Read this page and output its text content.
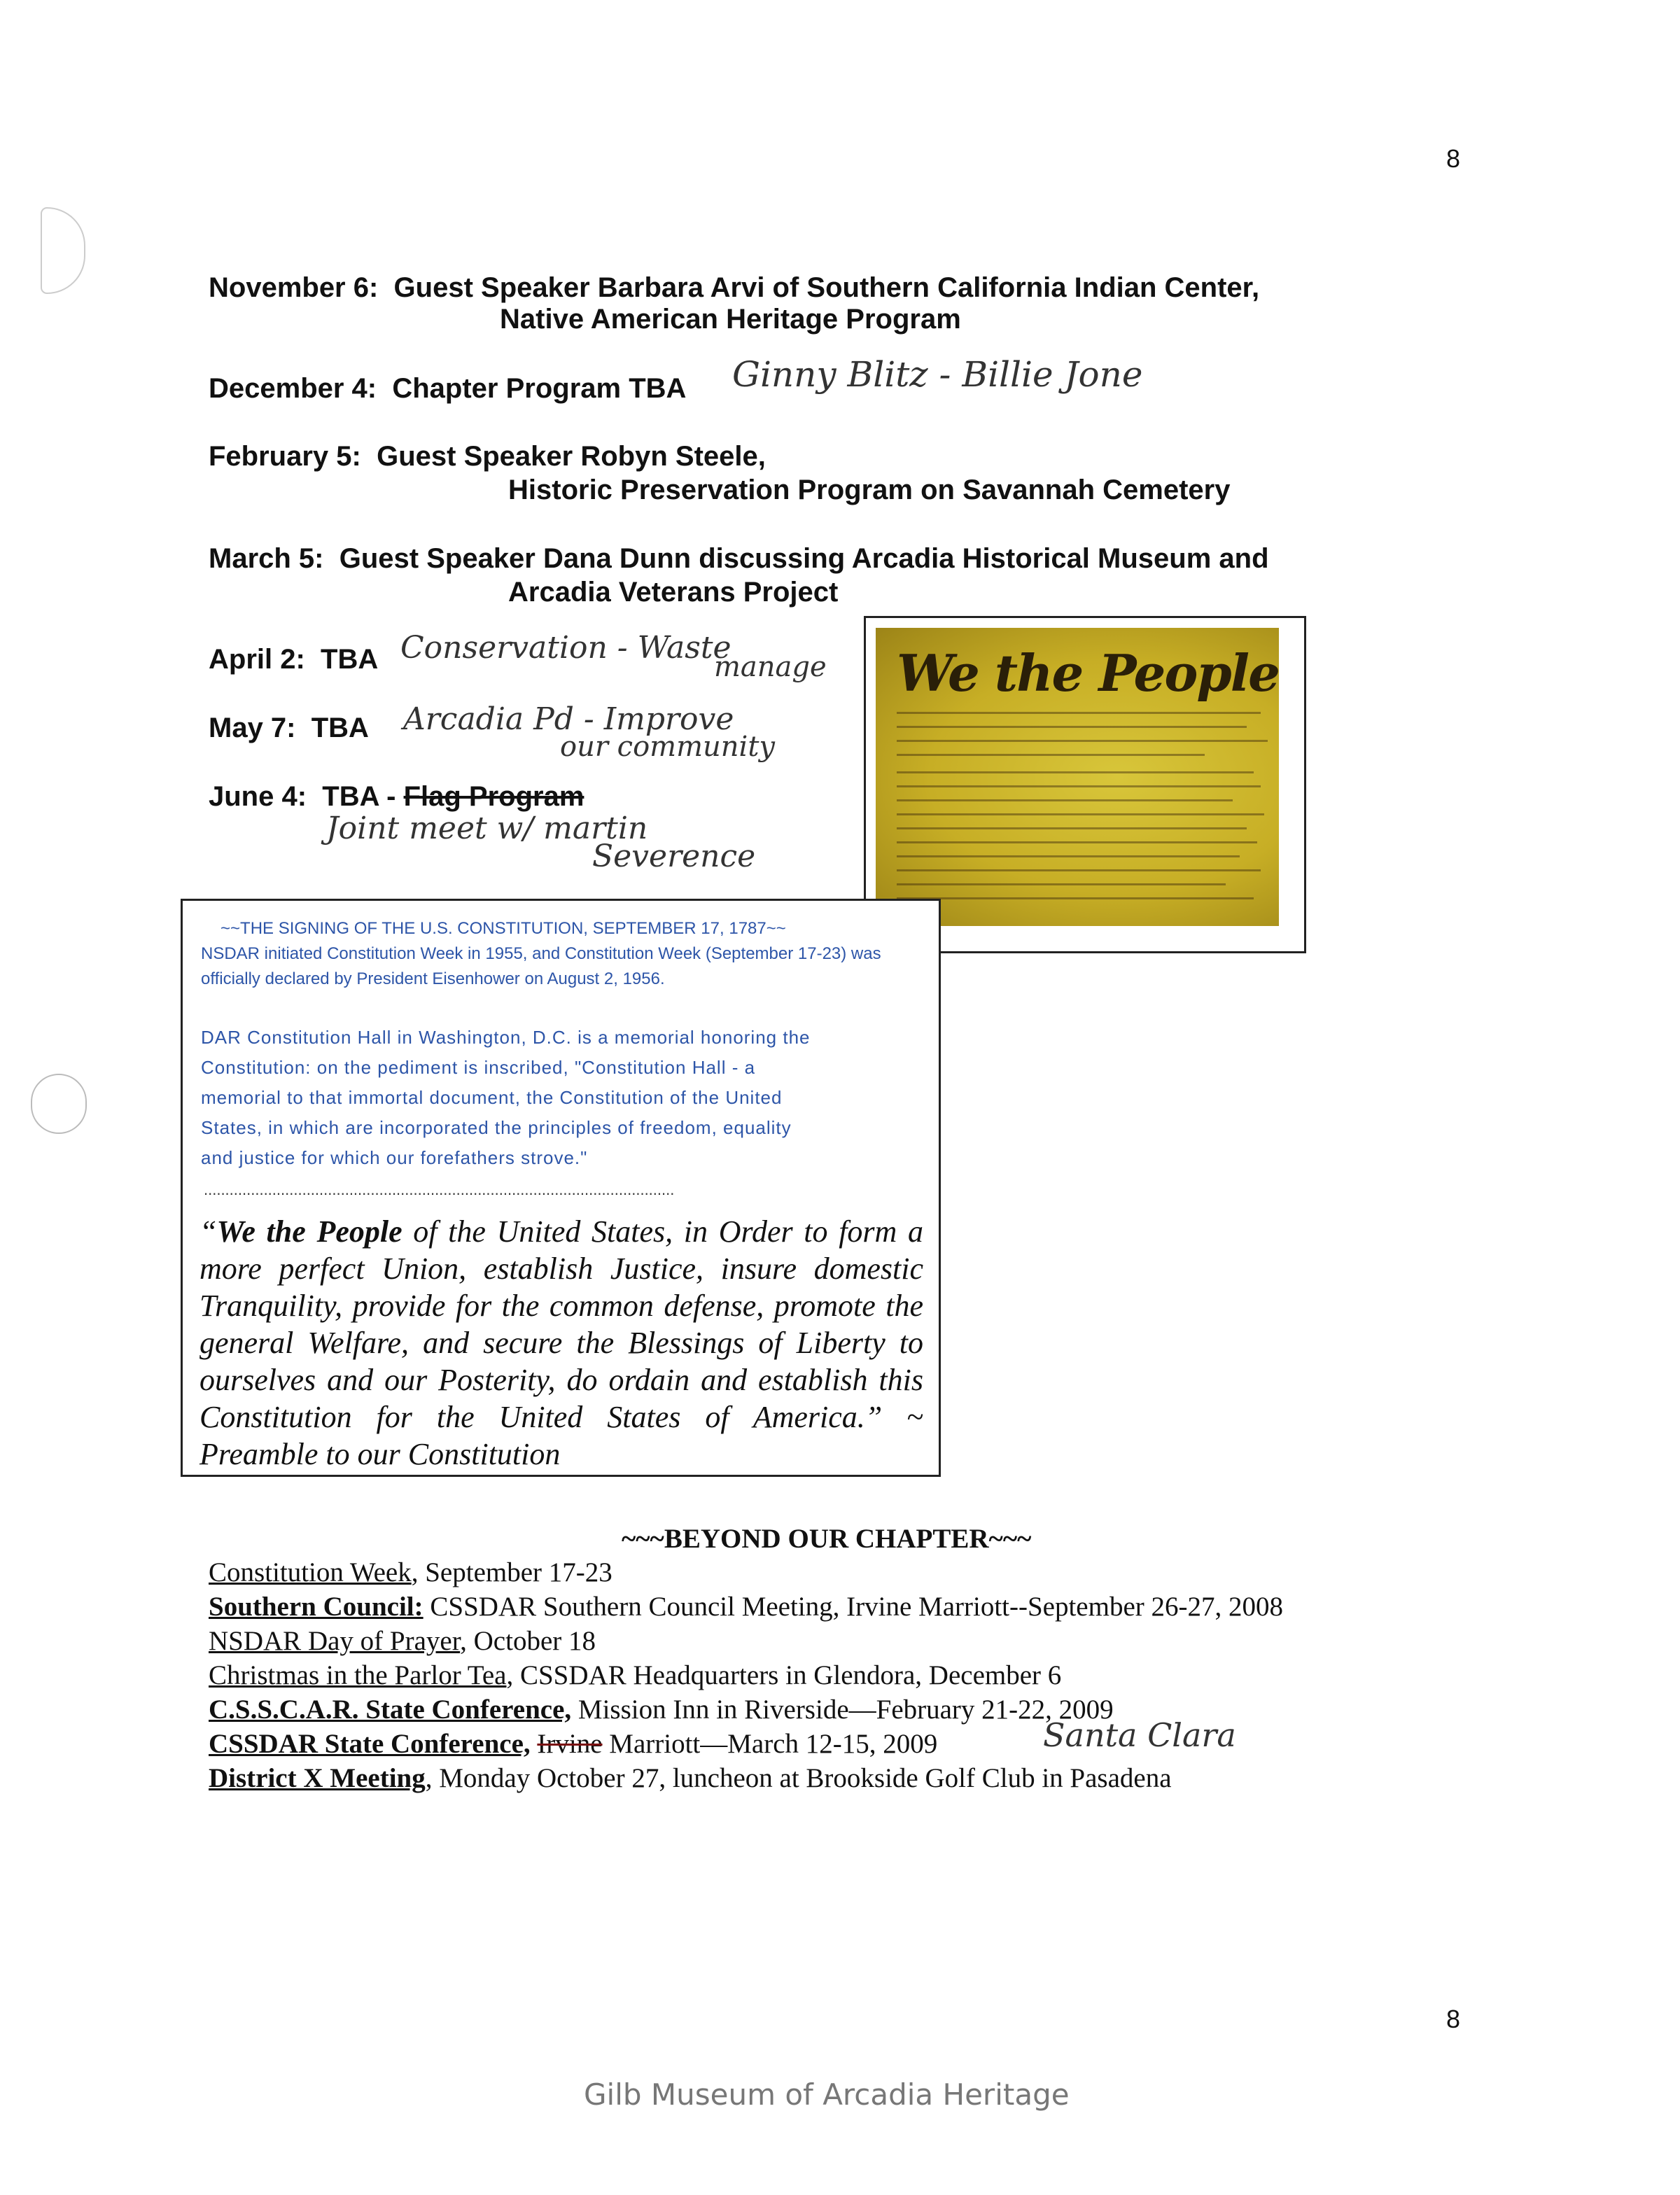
8
8
November 6: Guest Speaker Barbara Arvi of Southern California Indian Center,
Native American Heritage Program
December 4: Chapter Program TBA Ginny Blitz - Billie Jone
February 5: Guest Speaker Robyn Steele,
Historic Preservation Program on Savannah Cemetery
March 5: Guest Speaker Dana Dunn discussing Arcadia Historical Museum and
Arcadia Veterans Project
April 2: TBA Conservation - Waste
manage
May 7: TBA Arcadia Pd - Improve
our community
June 4: TBA - Flag Program
Joint meet w/ martin
Severence
We the People
~~THE SIGNING OF THE U.S. CONSTITUTION, SEPTEMBER 17, 1787~~
NSDAR initiated Constitution Week in 1955, and Constitution Week (September 17-23) was officially declared by President Eisenhower on August 2, 1956.
DAR Constitution Hall in Washington, D.C. is a memorial honoring the
Constitution: on the pediment is inscribed, "Constitution Hall - a
memorial to that immortal document, the Constitution of the United
States, in which are incorporated the principles of freedom, equality
and justice for which our forefathers strove."
..............................................................................................................
“We the People of the United States, in Order to form a more perfect Union, establish Justice, insure domestic Tranquility, provide for the common defense, promote the general Welfare, and secure the Blessings of Liberty to ourselves and our Posterity, do ordain and establish this Constitution for the United States of America.” ~ Preamble to our Constitution
~~~BEYOND OUR CHAPTER~~~
Constitution Week, September 17-23
Southern Council: CSSDAR Southern Council Meeting, Irvine Marriott--September 26-27, 2008
NSDAR Day of Prayer, October 18
Christmas in the Parlor Tea, CSSDAR Headquarters in Glendora, December 6
C.S.S.C.A.R. State Conference, Mission Inn in Riverside—February 21-22, 2009
CSSDAR State Conference, Irvine Marriott—March 12-15, 2009	Santa Clara
District X Meeting, Monday October 27, luncheon at Brookside Golf Club in Pasadena
Gilb Museum of Arcadia Heritage
